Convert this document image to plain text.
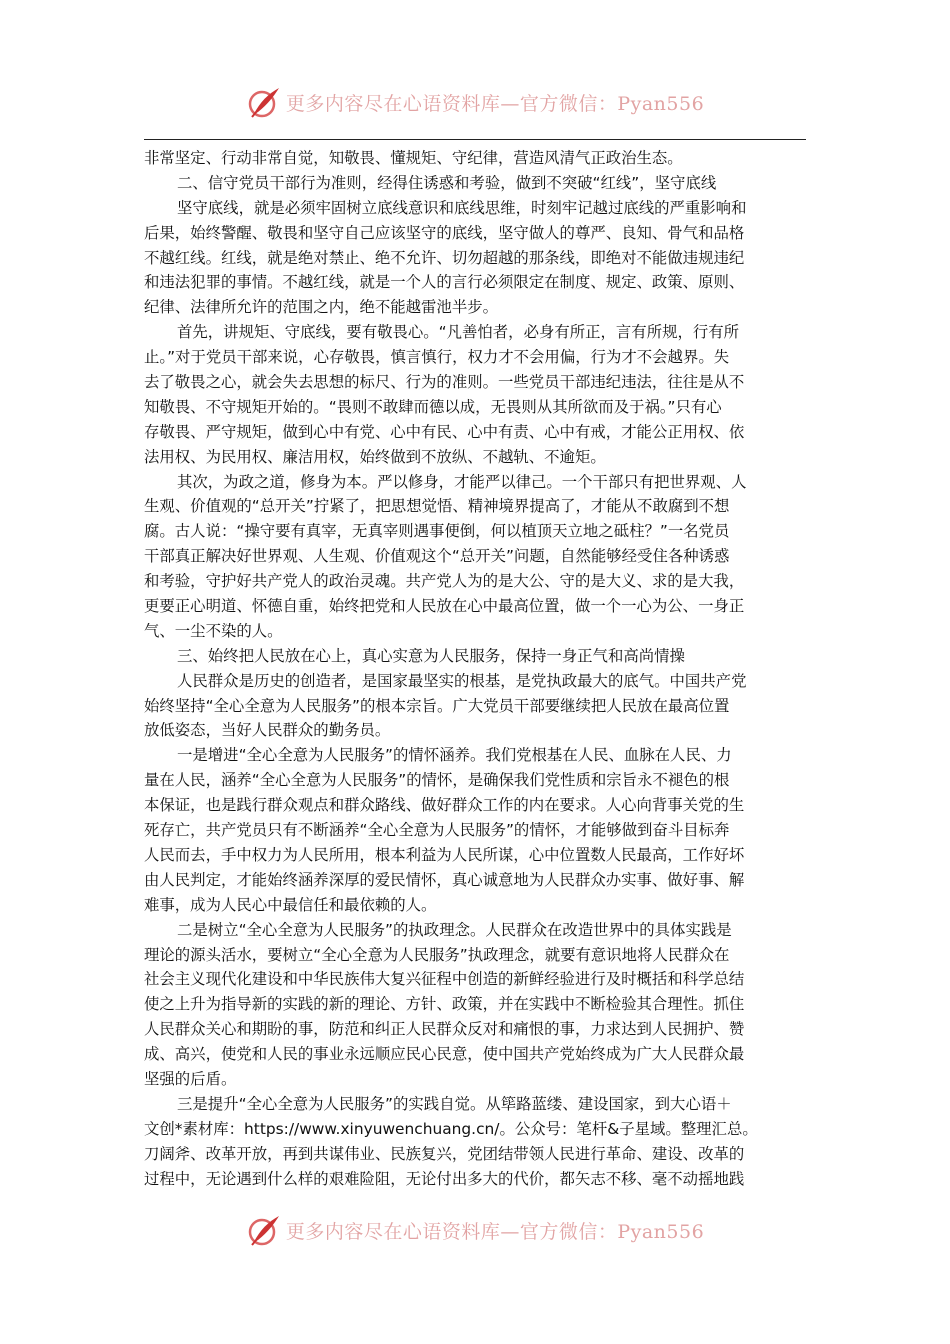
更多内容尽在心语资料库—官方微信：Pyan556
非常坚定、行动非常自觉，知敬畏、懂规矩、守纪律，营造风清气正政治生态。
二、信守党员干部行为准则，经得住诱惑和考验，做到不突破“红线”，坚守底线
坚守底线，就是必须牢固树立底线意识和底线思维，时刻牢记越过底线的严重影响和
后果，始终警醒、敬畏和坚守自己应该坚守的底线，坚守做人的尊严、良知、骨气和品格
不越红线。红线，就是绝对禁止、绝不允许、切勿超越的那条线，即绝对不能做违规违纪
和违法犯罪的事情。不越红线，就是一个人的言行必须限定在制度、规定、政策、原则、
纪律、法律所允许的范围之内，绝不能越雷池半步。
首先，讲规矩、守底线，要有敬畏心。“凡善怕者，必身有所正，言有所规，行有所
止。”对于党员干部来说，心存敬畏，慎言慎行，权力才不会用偏，行为才不会越界。失
去了敬畏之心，就会失去思想的标尺、行为的准则。一些党员干部违纪违法，往往是从不
知敬畏、不守规矩开始的。“畏则不敢肆而德以成，无畏则从其所欲而及于祸。”只有心
存敬畏、严守规矩，做到心中有党、心中有民、心中有责、心中有戒，才能公正用权、依
法用权、为民用权、廉洁用权，始终做到不放纵、不越轨、不逾矩。
其次，为政之道，修身为本。严以修身，才能严以律己。一个干部只有把世界观、人
生观、价值观的“总开关”拧紧了，把思想觉悟、精神境界提高了，才能从不敢腐到不想
腐。古人说：“操守要有真宰，无真宰则遇事便倒，何以植顶天立地之砥柱？”一名党员
干部真正解决好世界观、人生观、价值观这个“总开关”问题，自然能够经受住各种诱惑
和考验，守护好共产党人的政治灵魂。共产党人为的是大公、守的是大义、求的是大我，
更要正心明道、怀德自重，始终把党和人民放在心中最高位置，做一个一心为公、一身正
气、一尘不染的人。
三、始终把人民放在心上，真心实意为人民服务，保持一身正气和高尚情操
人民群众是历史的创造者，是国家最坚实的根基，是党执政最大的底气。中国共产党
始终坚持“全心全意为人民服务”的根本宗旨。广大党员干部要继续把人民放在最高位置
放低姿态，当好人民群众的勤务员。
一是增进“全心全意为人民服务”的情怀涵养。我们党根基在人民、血脉在人民、力
量在人民，涵养“全心全意为人民服务”的情怀，是确保我们党性质和宗旨永不褪色的根
本保证，也是践行群众观点和群众路线、做好群众工作的内在要求。人心向背事关党的生
死存亡，共产党员只有不断涵养“全心全意为人民服务”的情怀，才能够做到奋斗目标奔
人民而去，手中权力为人民所用，根本利益为人民所谋，心中位置数人民最高，工作好坏
由人民判定，才能始终涵养深厚的爱民情怀，真心诚意地为人民群众办实事、做好事、解
难事，成为人民心中最信任和最依赖的人。
二是树立“全心全意为人民服务”的执政理念。人民群众在改造世界中的具体实践是
理论的源头活水，要树立“全心全意为人民服务”执政理念，就要有意识地将人民群众在
社会主义现代化建设和中华民族伟大复兴征程中创造的新鲜经验进行及时概括和科学总结
使之上升为指导新的实践的新的理论、方针、政策，并在实践中不断检验其合理性。抓住
人民群众关心和期盼的事，防范和纠正人民群众反对和痛恨的事，力求达到人民拥护、赞
成、高兴，使党和人民的事业永远顺应民心民意，使中国共产党始终成为广大人民群众最
坚强的后盾。
三是提升“全心全意为人民服务”的实践自觉。从筚路蓝缕、建设国家，到大心语＋
文创*素材库：https://www.xinyuwenchuang.cn/。公众号：笔杆&子星域。整理汇总。
刀阔斧、改革开放，再到共谋伟业、民族复兴，党团结带领人民进行革命、建设、改革的
过程中，无论遇到什么样的艰难险阻，无论付出多大的代价，都矢志不移、毫不动摇地践
更多内容尽在心语资料库—官方微信：Pyan556
